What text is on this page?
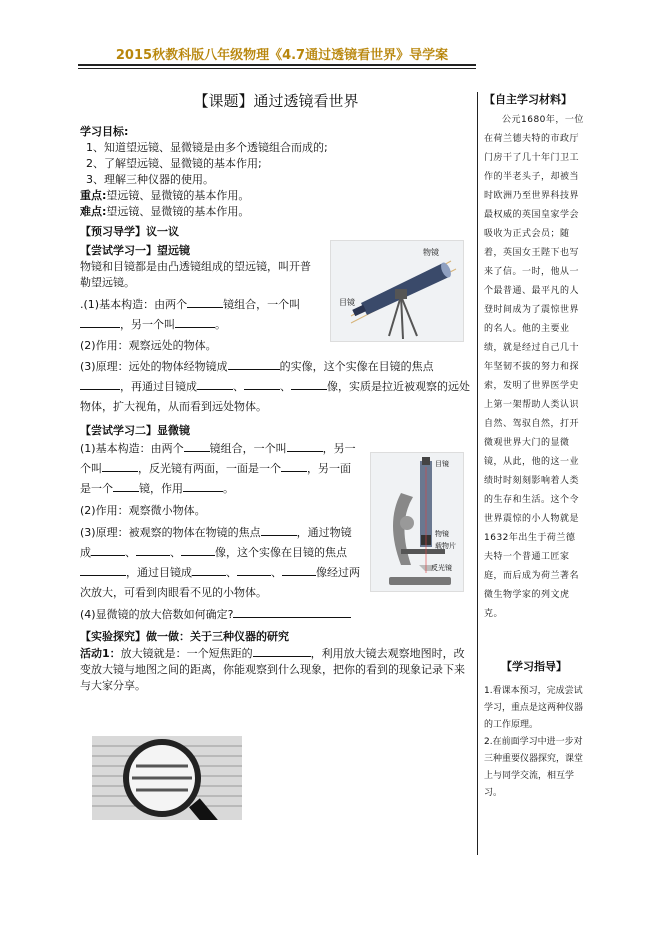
2015秋教科版八年级物理《4.7通过透镜看世界》导学案

【课题】通过透镜看世界

学习目标:

1、知道望远镜、显微镜是由多个透镜组合而成的;

2、了解望远镜、显微镜的基本作用;

3、理解三种仪器的使用。

重点:望远镜、显微镜的基本作用。

难点:望远镜、显微镜的基本作用。

【预习导学】议一议

【尝试学习一】望远镜

物镜和目镜都是由凸透镜组成的望远镜，叫开普勒望远镜。

.(1)基本构造：由两个	镜组合，一个叫，另一个叫	。

(2)作用：观察远处的物体。

(3)原理：远处的物体经物镜成	的实像，这个实像在目镜的焦点，再通过目镜成	、	、	像，实质是拉近被观察的远处物体，扩大视角，从而看到远处物体。

【尝试学习二】显微镜

(1)基本构造：由两个 镜组合，一个叫	，另一个叫	，反光镜有两面，一面是一个 ，另一面是一个 镜，作用	。

(2)作用：观察微小物体。

(3)原理：被观察的物体在物镜的焦点	，通过物镜成	、	、	像，这个实像在目镜的焦点，通过目镜成	、	、	像经过两次放大，可看到肉眼看不见的小物体。

(4)显微镜的放大倍数如何确定?

【实验探究】做一做：关于三种仪器的研究

活动1：放大镜就是：一个短焦距的	，利用放大镜去观察地图时，改变放大镜与地图之间的距离，你能观察到什么现象，把你的看到的现象记录下来与大家分享。

物镜
目镜
目镜
物镜
载物片
反光镜
【自主学习材料】

公元1680年，一位在荷兰德夫特的市政厅门房干了几十年门卫工作的半老头子，却被当时欧洲乃至世界科技界最权威的英国皇家学会吸收为正式会员；随着，英国女王陛下也写来了信。一时，他从一个最普通、最平凡的人登时间成为了震惊世界的名人。他的主要业绩，就是经过自己几十年坚韧不拔的努力和探索，发明了世界医学史上第一架帮助人类认识自然、驾驭自然，打开微观世界大门的显微镜，从此，他的这一业绩时时刻刻影响着人类的生存和生活。这个令世界震惊的小人物就是1632年出生于荷兰德夫特一个普通工匠家庭，而后成为荷兰著名微生物学家的列文虎克。

【学习指导】

1.看课本预习，完成尝试学习，重点是这两种仪器的工作原理。

2.在前面学习中进一步对三种重要仪器探究，课堂上与同学交流，相互学习。
